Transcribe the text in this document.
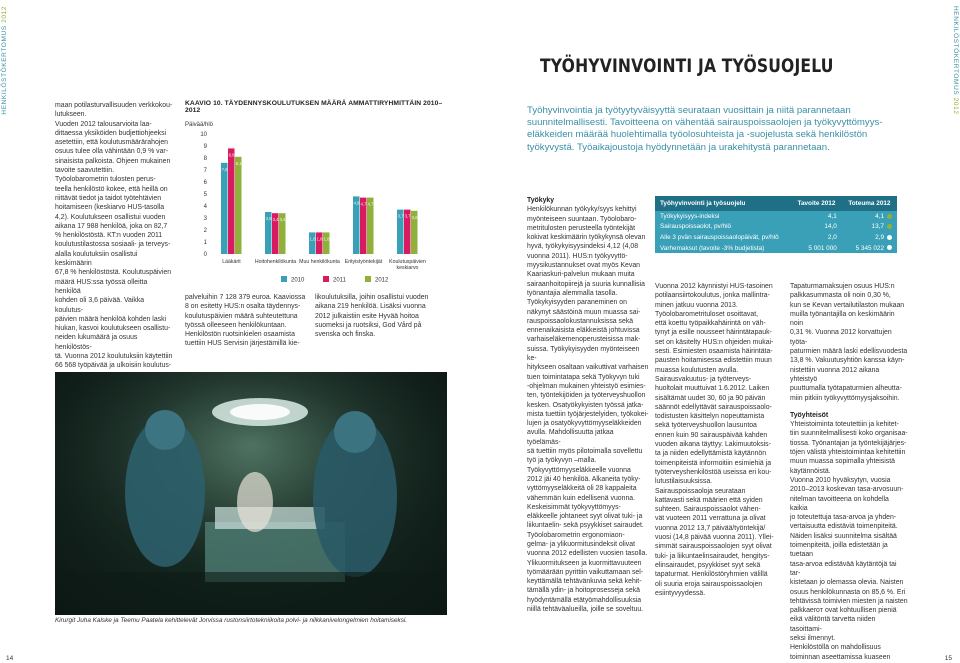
HENKILÖSTÖKERTOMUS 2012	HENKILÖSTÖKERTOMUS 2012

maan potilasturvallisuuden verkkokou-

lutukseen.

Vuoden 2012 talousarvioita laa-

dittaessa yksiköiden budjettiohjeeksi

asetettiin, että koulutusmäärärahojen

osuus tulee olla vähintään 0,9 % var-

sinaisista palkoista. Ohjeen mukainen

tavoite saavutettiin.

Työolobarometrin tulosten perus-

teella henkilöstö kokee, että heillä on

riittävät tiedot ja taidot työtehtävien

hoitamiseen (keskiarvo HUS-tasolla

4,2). Koulutukseen osallistui vuoden

aikana 17 988 henkilöä, joka on 82,7

% henkilöstöstä. KT:n vuoden 2011

koulutustilastossa sosiaali- ja terveys-

alalla koulutuksiin osallistui keskimäärin

67,8 % henkilöstöstä. Koulutuspäivien

määrä HUS:ssa työssä olleitta henkilöä

kohden oli 3,6 päivää. Vaikka koulutus-

päivien määrä henkilöä kohden laski

hiukan, kasvoi koulutukseen osallistu-

neiden lukumäärä ja osuus henkilöstös-

tä. Vuonna 2012 koulutuksiin käytettiin

66 568 työpäivää ja ulkoisiin koulutus-

KAAVIO 10. TÄYDENNYSKOULUTUKSEN MÄÄRÄ AMMATTIRYHMITTÄIN 2010–2012
Päivää/hlö
0
1
2
3
4
5
6
7
8
9
10
7,6
8,8
8,1
Lääkärit
3,5 3,4 3,4
Hoitohenkilökunta
1,8 1,8 1,8
Muu henkilökunta
4,8 4,7 4,7
Erityistyöntekijät
3,7 3,7 3,6
Koulutuspäivien keskiarvo
2010	2011	2012

palveluihin 7 128 379 euroa. Kaaviossa

8 on esitetty HUS:n osalta täydennys-

koulutuspäivien määrä suhteutettuna

työssä olleeseen henkilökuntaan.

Henkilöstön ruotsinkielen osaamista

tuettiin HUS Servisin järjestämillä kie-

likoulutuksilla, joihin osallistui vuoden

aikana 219 henkilöä. Lisäksi vuonna

2012 julkaistiin esite Hyvää hoitoa

suomeksi ja ruotsiksi, God Vård på

svenska och finska.

Kirurgit Juha Kalske ja Teemu Paatela kehittelevät Jorvissa rustonsiirtotekniikoita polvi- ja nilkkanivelongelmien hoitamiseksi.
14	15
TYÖHYVINVOINTI JA TYÖSUOJELU
Työhyvinvointia ja työtyytyväisyyttä seurataan vuosittain ja niitä parannetaan suunnitelmallisesti. Tavoitteena on vähentää sairauspoissaolojen ja työkyvyttömyys-eläkkeiden määrää huolehtimalla työolosuhteista ja -suojelusta sekä henkilöstön työkyvystä. Työaikajoustoja hyödynnetään ja urakehitystä parannetaan.
Työkyky

Henkilökunnan työkyky/syys kehittyi

myönteiseen suuntaan. Työolobaro-

metritulosten perusteella työntekijät

kokivat keskimäärin työkykynsä olevan

hyvä, työkykyisyysindeksi 4,12 (4,08

vuonna 2011). HUS:n työkyvyttö-

myysikustannukset ovat myös Kevan

Kaariaskuri-palvelun mukaan muita

sairaanhoitopiirejä ja suuria kunnallisia

työnantajia alemmalla tasolla.

Työkykyisyyden paraneminen on

näkynyt säästöinä muun muassa sai-

rauspoissaolokustannuksissa sekä

ennenaikaisista eläkkeistä johtuvissa

varhaiseläkemenoperusteisissa mak-

suissa. Työkykyisyyden myönteiseen ke-

hitykseen osaltaan vaikuttivat varhaisen

tuen toimintatapa sekä Työkyvyn tuki

-ohjelman mukainen yhteistyö esimies-

ten, työntekijöiden ja työterveyshuollon

kesken. Osatyökykyisten työssä jatka-

mista tuettiin työjärjestelyiden, työkokei-

lujen ja osatyökyvyttömyyseläkkeiden

avulla. Mahdollisuutta jatkaa työelämäs-

sä tuettiin myös pilotoimalla sovellettu

työ ja työkyvyn –malla.

Työkyvyttömyyseläkkeelle vuonna

2012 jäi 40 henkilöä. Alkaneita työky-

vyttömyyseläkkeitä oli 28 kappaleita

vähemmän kuin edellisenä vuonna.

Keskeisimmät työkyvyttömyys-

eläkkeelle johtaneet syyt olivat tuki- ja

liikuntaelin- sekä psyykkiset sairaudet.

Työolobarometrin ergonomiaon-

gelma- ja ylikuormitusindeksit olivat

vuonna 2012 edellisten vuosien tasolla.

Ylikuormitukseen ja kuormittavuuteen

työmäärään pyrittiin vaikuttamaan sel-

keyttämällä tehtävänkuvia sekä kehit-

tämällä ydin- ja hoitoprosesseja sekä

hyödyntämällä etätyömahdollisuuksia

niillä tehtäväalueilla, joille se soveltuu.

Työhyvinvointi ja työsuojelu	Tavoite 2012	Toteuma 2012
Työkykyisyys-indeksi	4,1	4,1
Sairauspoissaolot, pv/hlö	14,0	13,7
Alle 3 pvän sairauspoissaolopäivät, pv/hlö	2,0	2,9
Varhemaksut (tavoite -3% budjetista)	5 001 000	5 345 022

Vuonna 2012 käynnistyi HUS-tasoinen

potilaansiirtokoulutus, jonka mallintra-

minen jatkuu vuonna 2013.

Työolobarometrituloset osoittavat,

että koettu työpaikkahäirintä on väh-

tynyt ja esille nousseet häirintätapauk-

set on käsitelty HUS:n ohjeiden mukai-

sesti. Esimiesten osaamista häirintäta-

pausten hoitamisessa edistettiin muun

muassa koulutusten avulla.

Sairausvakuutus- ja työterveys-

huoltolait muuttuivat 1.6.2012. Laiken

sisältämät uudet 30, 60 ja 90 päivän

säännöt edellyttävät sairauspoissaolo-

todistusten käsittelyn nopeuttamista

sekä työterveyshuollon lausuntoa

ennen kuin 90 sairauspäivää kahden

vuoden aikana täyttyy. Lakimuutoksis-

ta ja niiden edellyttämistä käytännön

toimenpiteistä informoitiin esimiehiä ja

työterveyshenkilöstöä useissa eri kou-

lutustilaisuuksissa.

Sairauspoissaoloja seurataan

kattavasti sekä määrien että syiden

suhteen. Sairauspoissaolot vähen-

vät vuoteen 2011 verrattuna ja olivat

vuonna 2012 13,7 päivää/työntekijä/

vuosi (14,8 päivää vuonna 2011). Yllei-

simmät sairauspoissaolojen syyt olivat

tuki- ja liikuntaelinsairaudet, hengitys-

elinsairaudet, psyykkiset syyt sekä

tapaturmat. Henkilöstöryhmien välillä

oli suuria eroja sairauspoissaolojen

esiintyvyydessä.

Tapaturmamaksujen osuus HUS:n

palkkasummasta oli noin 0,30 %,

kun se Kevan vertailutilaston mukaan

muilla työnantajilla on keskimäärin noin

0,31 %. Vuonna 2012 korvattujen työta-

paturmien määrä laski edellisvuodesta

13,8 %. Vakuutusyhtiön kanssa käyn-

nistettiin vuonna 2012 aikana yhteistyö

puuttumalla työtapaturmien alheutta-

miin pitkiin työkyvyttömyysjaksoihin.

Työyhteisöt

Yhteistoiminta toteutettiin ja kehitet-

tiin suunnitelmallisesti koko organisaa-

tiossa. Työnantajan ja työntekijäjärjes-

töjen välistä yhteistoimintaa kehitettiin

muun muassa sopimalla yhteisistä

käytännöistä.

Vuonna 2010 hyväksytyn, vuosia

2010–2013 koskevan tasa-arvosuun-

nitelman tavoitteena on kohdella kaikia

jo toteutettuja tasa-arvoa ja yhden-

vertaisuutta edistäviä toimenpiteitä.

Näiden lisäksi suunnitelma sisältää

toimenpiteitä, joilla edistetään ja tuetaan

tasa-arvoa edistävää käytäntöjä tai tar-

kistetaan jo olemassa olevia. Naisten

osuus henkilökunnasta on 85,6 %. Eri

tehtävissä toimivien miesten ja naisten

palkkaeroт ovat kohtuullisen pieniä

eikä välitöntä tarvetta niiden tasoittami-

seksi ilmennyt.

Henkilöstöllä on mahdollisuus

toiminnan aseettamissa kuaseen
